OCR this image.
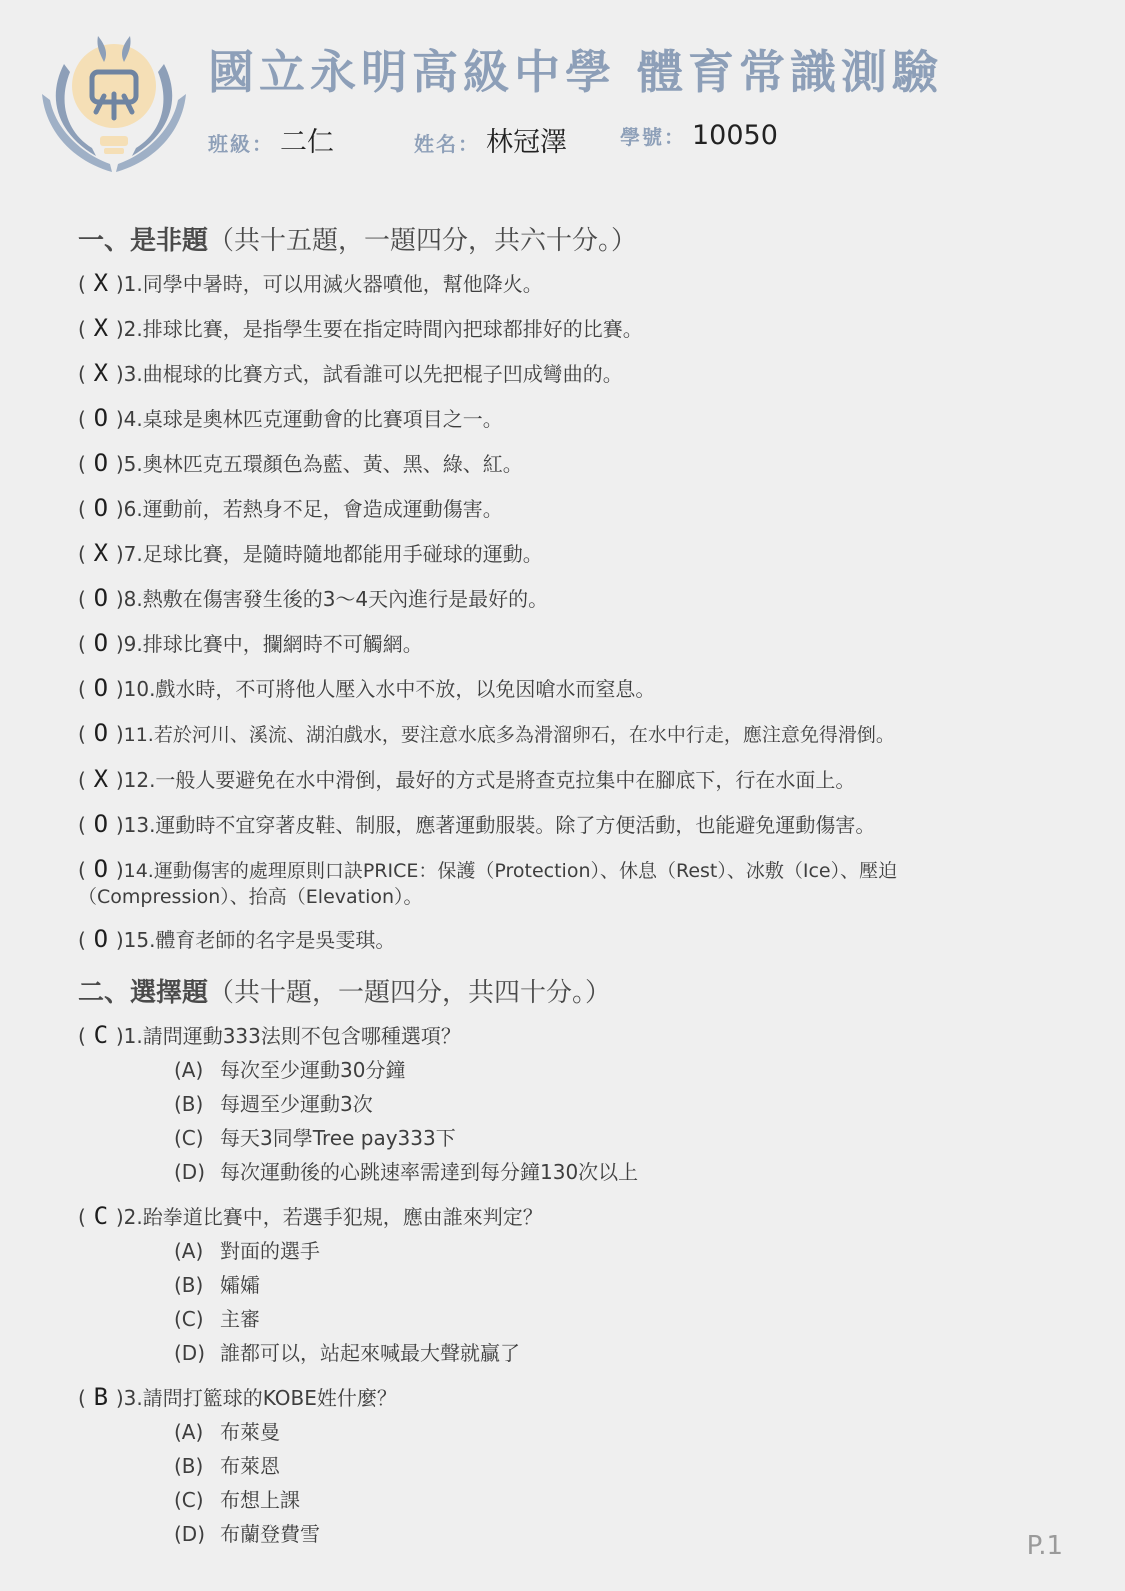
國立永明高級中學 體育常識測驗
班級： 二仁	姓名： 林冠澤	學號： 10050
一、是非題（共十五題，一題四分，共六十分。）
( X )1.同學中暑時，可以用滅火器噴他，幫他降火。
( X )2.排球比賽，是指學生要在指定時間內把球都排好的比賽。
( X )3.曲棍球的比賽方式，試看誰可以先把棍子凹成彎曲的。
( O )4.桌球是奧林匹克運動會的比賽項目之一。
( O )5.奧林匹克五環顏色為藍、黃、黑、綠、紅。
( O )6.運動前，若熱身不足，會造成運動傷害。
( X )7.足球比賽，是隨時隨地都能用手碰球的運動。
( O )8.熱敷在傷害發生後的3～4天內進行是最好的。
( O )9.排球比賽中，攔網時不可觸網。
( O )10.戲水時，不可將他人壓入水中不放，以免因嗆水而窒息。
( O )11.若於河川、溪流、湖泊戲水，要注意水底多為滑溜卵石，在水中行走，應注意免得滑倒。
( X )12.一般人要避免在水中滑倒，最好的方式是將查克拉集中在腳底下，行在水面上。
( O )13.運動時不宜穿著皮鞋、制服，應著運動服裝。除了方便活動，也能避免運動傷害。
( O )14.運動傷害的處理原則口訣PRICE：保護（Protection）、休息（Rest）、冰敷（Ice）、壓迫（Compression）、抬高（Elevation）。
( O )15.體育老師的名字是吳雯琪。
二、選擇題（共十題，一題四分，共四十分。）
( C )1.請問運動333法則不包含哪種選項？
(A) 每次至少運動30分鐘
(B) 每週至少運動3次
(C) 每天3同學Tree pay333下
(D) 每次運動後的心跳速率需達到每分鐘130次以上
( C )2.跆拳道比賽中，若選手犯規，應由誰來判定？
(A) 對面的選手
(B) 孀孀
(C) 主審
(D) 誰都可以，站起來喊最大聲就贏了
( B )3.請問打籃球的KOBE姓什麼？
(A) 布萊曼
(B) 布萊恩
(C) 布想上課
(D) 布蘭登費雪	P.1
